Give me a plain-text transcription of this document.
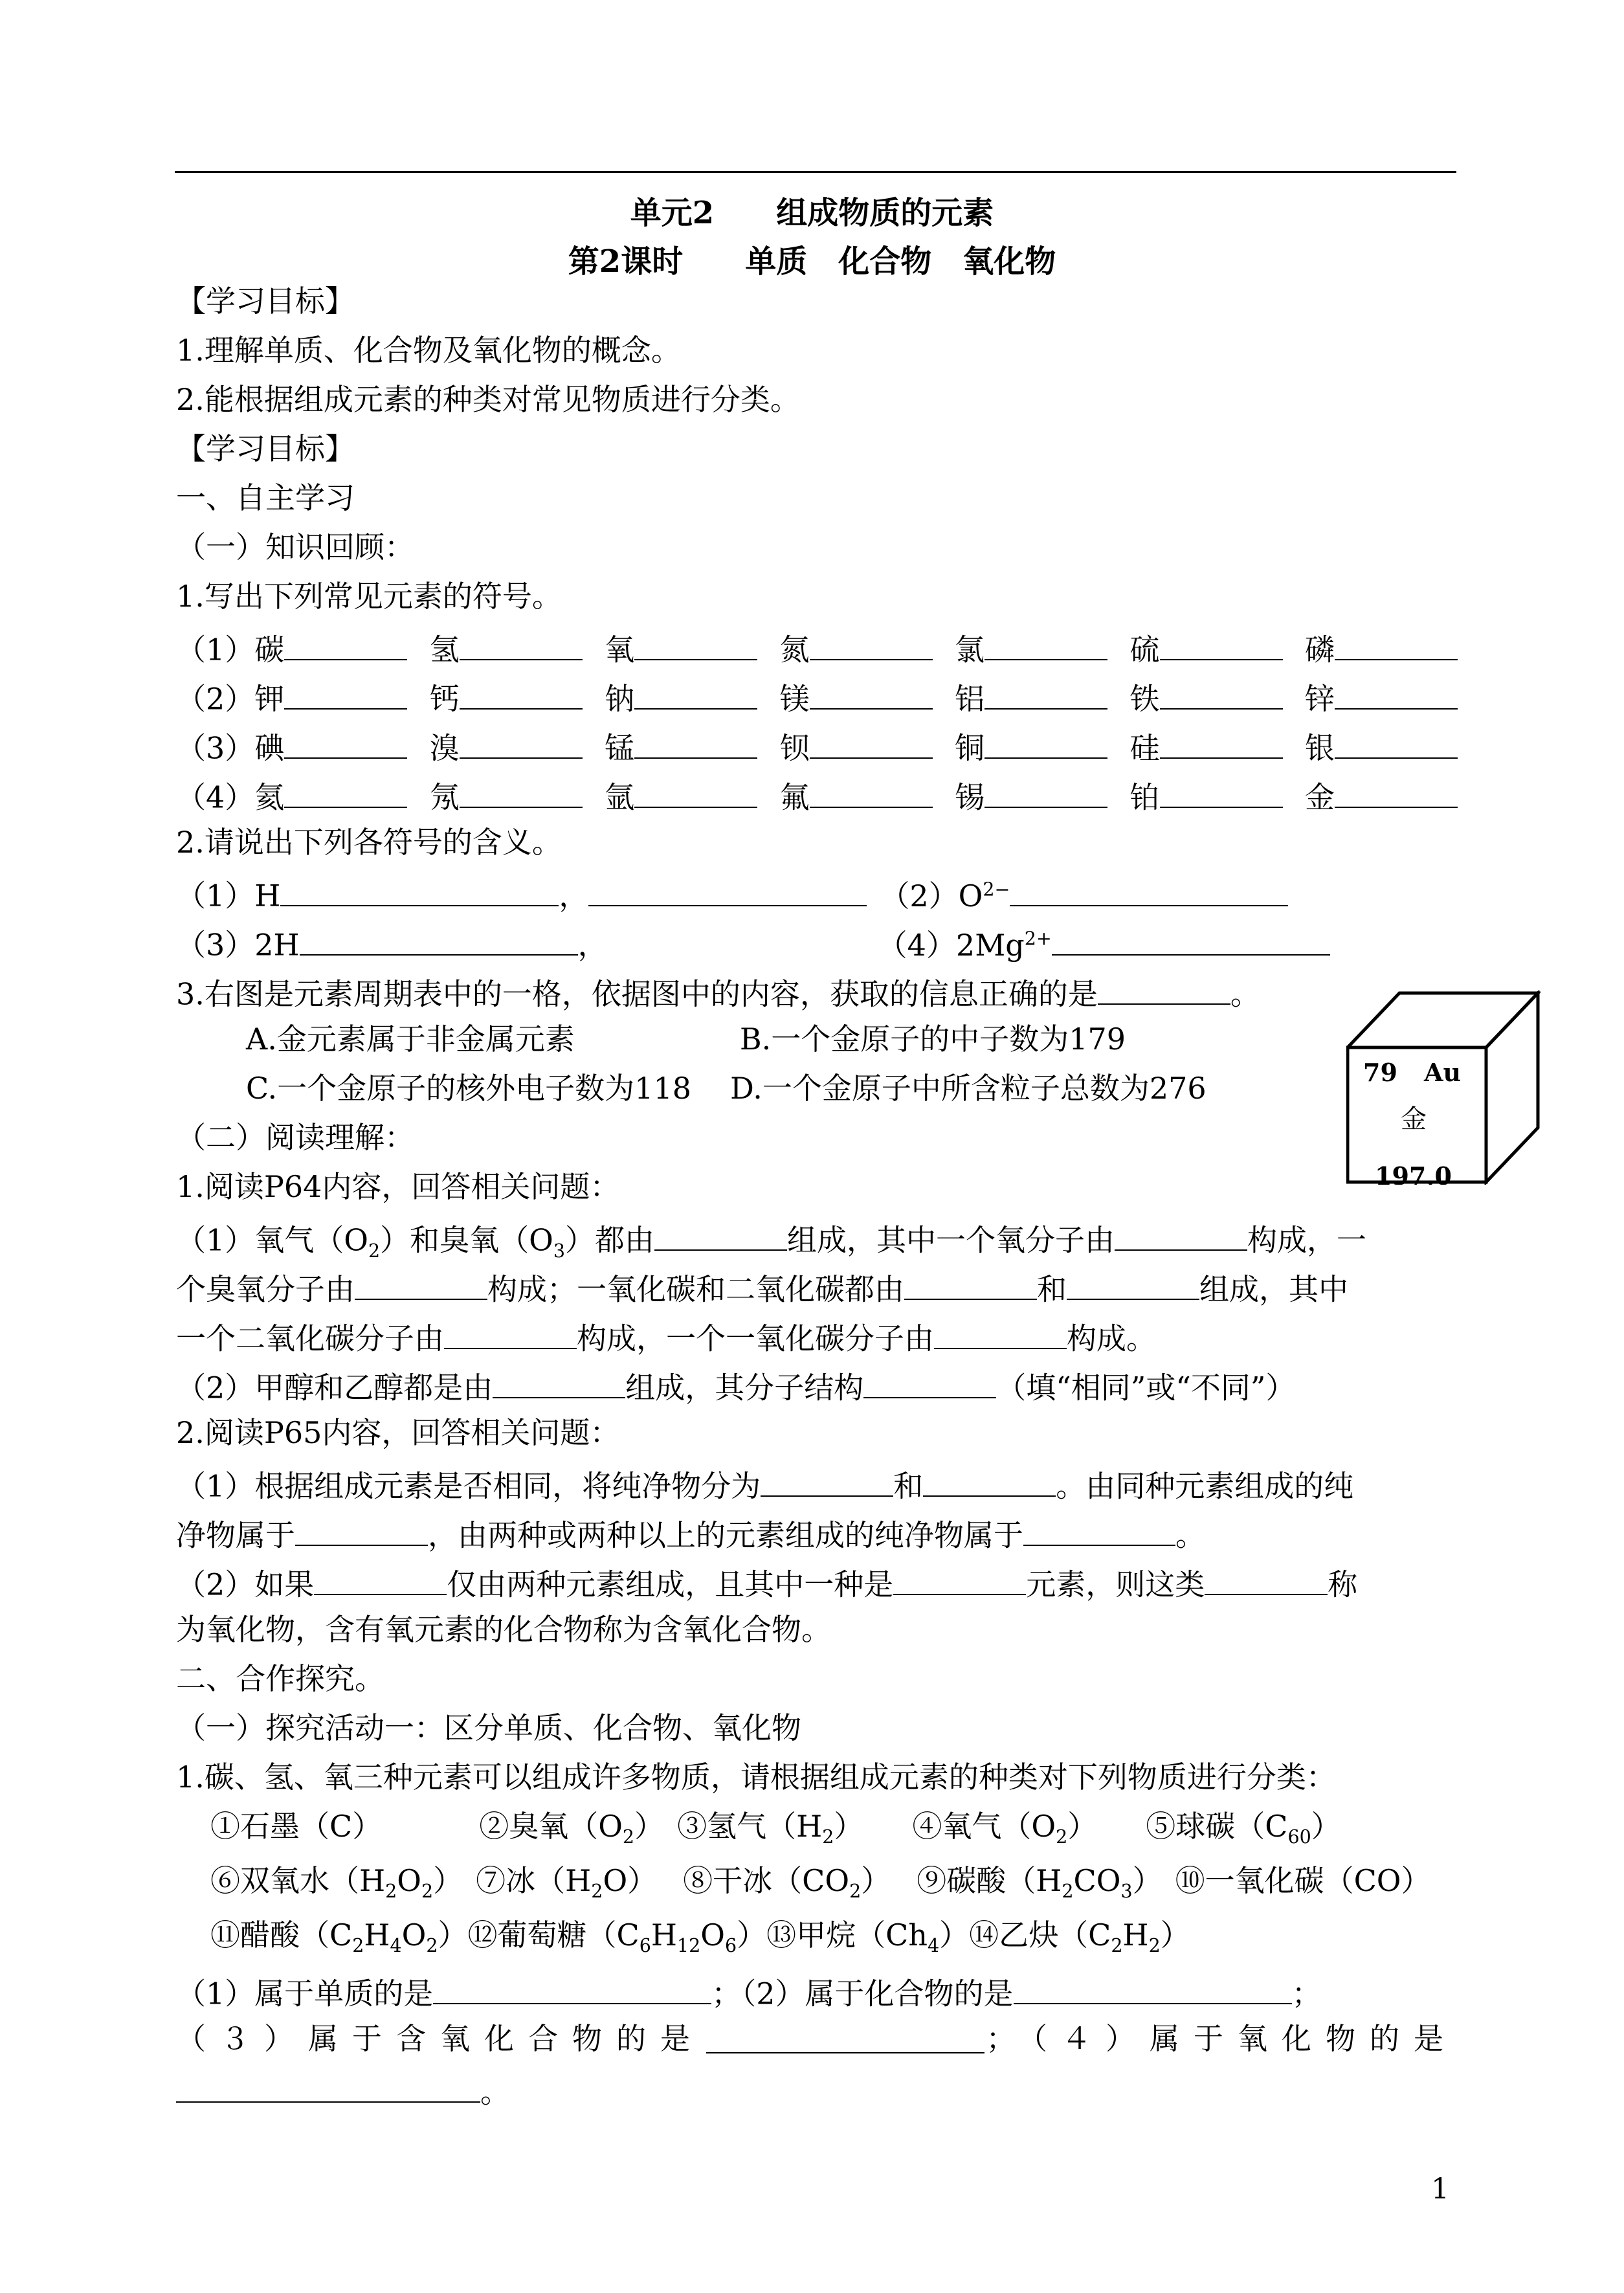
单元2　　组成物质的元素
第2课时　　单质　化合物　氧化物
【学习目标】
1.理解单质、化合物及氧化物的概念。
2.能根据组成元素的种类对常见物质进行分类。
【学习目标】
一、自主学习
（一）知识回顾：
1.写出下列常见元素的符号。
（1）碳	氢	氧	氮	氯	硫	磷
（2）钾	钙	钠	镁	铝	铁	锌
（3）碘	溴	锰	钡	铜	硅	银
（4）氦	氖	氩	氟	锡	铂	金
2.请说出下列各符号的含义。
（1）H	，	$(2)O^{2-}$
（3）2H	，	$(4)2Mg^{2+}$
3.右图是元素周期表中的一格，依据图中的内容，获取的信息正确的是	。
A.金元素属于非金属元素	B.一个金原子的中子数为179
C.一个金原子的核外电子数为118 D.一个金原子中所含粒子总数为276	79 Au
金
197.0
（二）阅读理解：
1.阅读P64内容，回答相关问题：
（1）氧气$(O_2)$和臭氧$(O_3)$都由	组成，其中一个氧分子由	构成，一
个臭氧分子由	构成；一氧化碳和二氧化碳都由	和	组成，其中
一个二氧化碳分子由	构成，一个一氧化碳分子由	构成。
（2）甲醇和乙醇都是由	组成，其分子结构	（填“相同”或“不同”）
2.阅读P65内容，回答相关问题：
（1）根据组成元素是否相同，将纯净物分为	和	。由同种元素组成的纯
净物属于	，由两种或两种以上的元素组成的纯净物属于	。
（2）如果	仅由两种元素组成，且其中一种是	元素，则这类	称
为氧化物，含有氧元素的化合物称为含氧化合物。
二、合作探究。
（一）探究活动一：区分单质、化合物、氧化物
1.碳、氢、氧三种元素可以组成许多物质，请根据组成元素的种类对下列物质进行分类：
①石墨（C）	②臭氧$(O_2)$ ③氢气$(H_2)$ ④氧气$(O_2)$ ⑤球碳$(C_{60})$
⑥双氧水$(H_2O_2)$ ⑦冰$(H_2O)$ ⑧干冰$(CO_2)$ ⑨碳酸$(H_2CO_3)$ ⑩一氧化碳（CO）
⑪醋酸$(C_2H_4O_2)⑫$葡萄糖$(C_6H_{12}O_6)⑬$甲烷$(Ch_4)⑭$乙炔$(C_2H_2)$
（1）属于单质的是	；（2）属于化合物的是	；
（３）属于含氧化合物的是	； （４）属于氧化物的是
。
1
